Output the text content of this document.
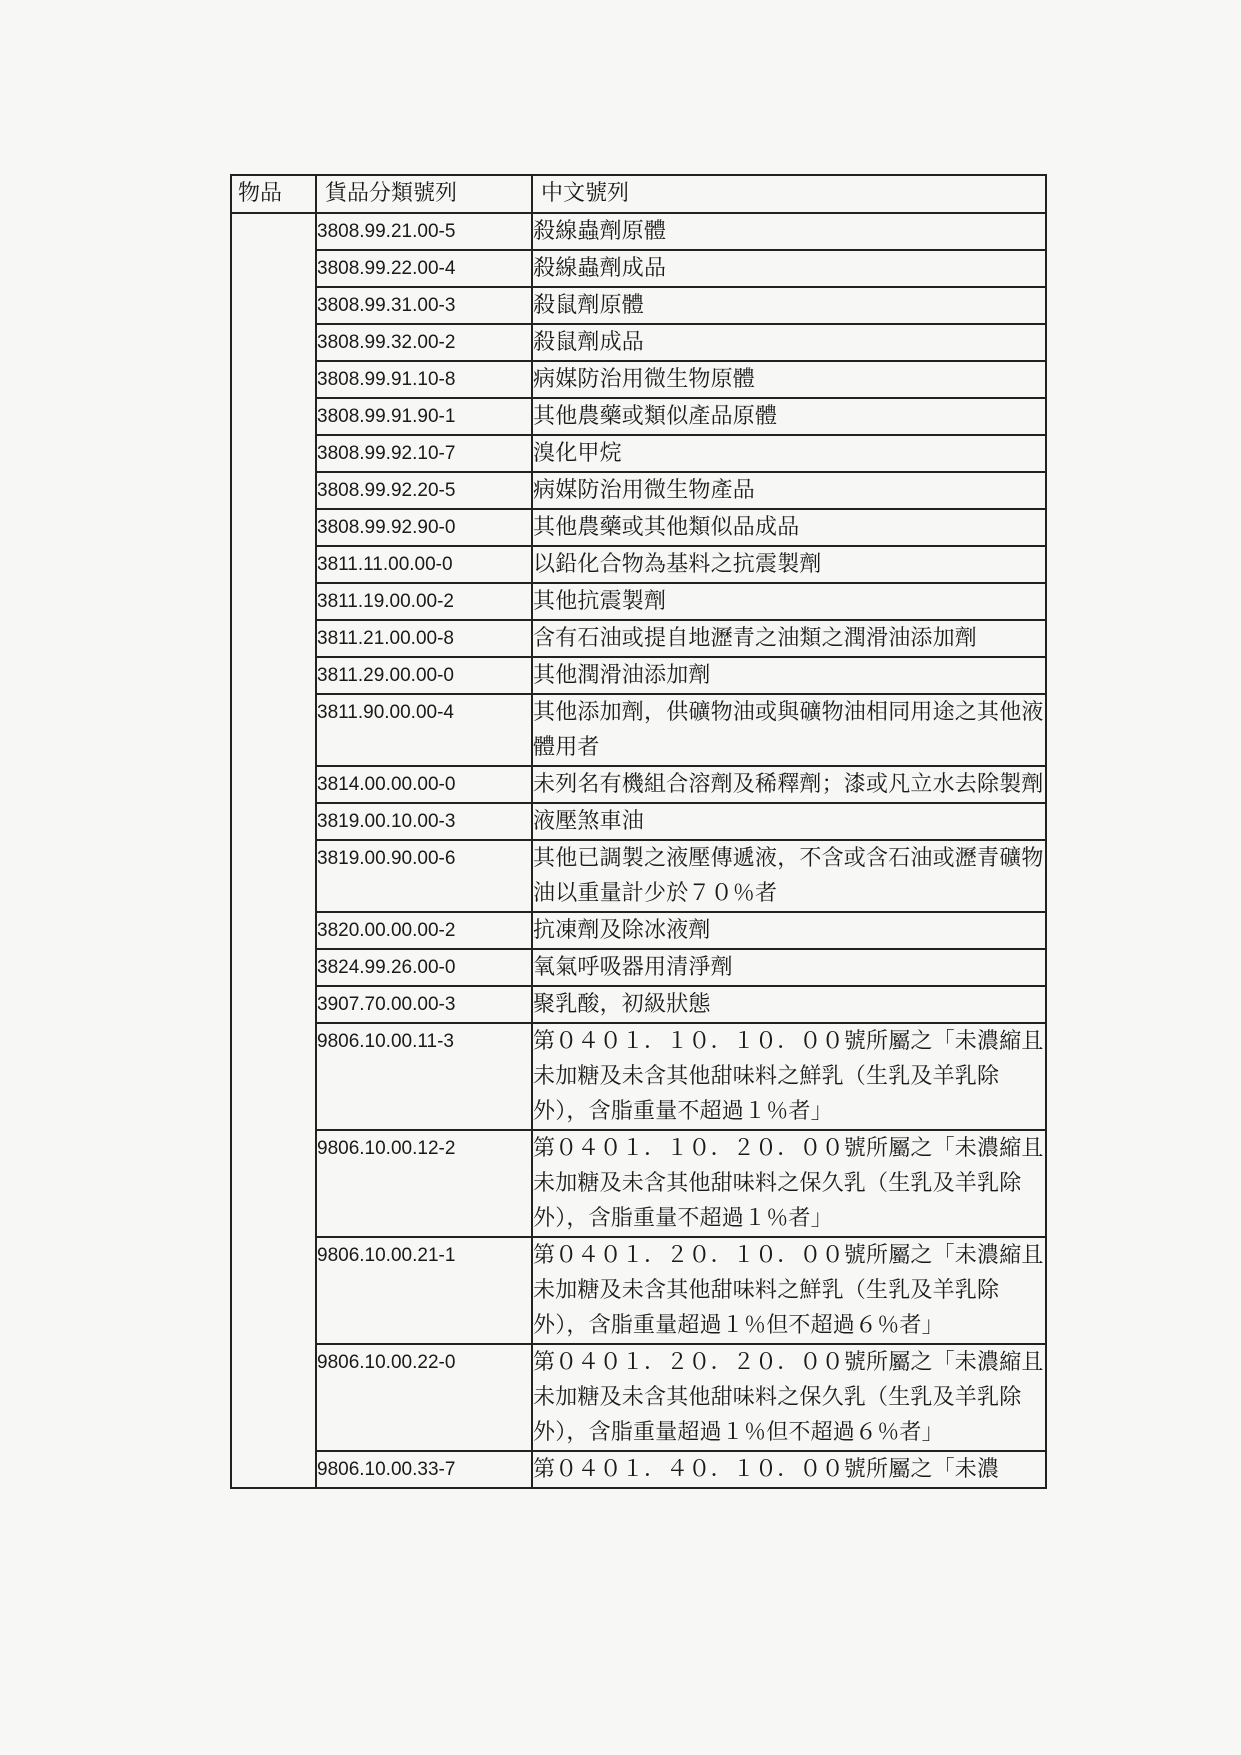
物品	貨品分類號列	中文號列
	3808.99.21.00-5	殺線蟲劑原體
	3808.99.22.00-4	殺線蟲劑成品
	3808.99.31.00-3	殺鼠劑原體
	3808.99.32.00-2	殺鼠劑成品
	3808.99.91.10-8	病媒防治用微生物原體
	3808.99.91.90-1	其他農藥或類似產品原體
	3808.99.92.10-7	溴化甲烷
	3808.99.92.20-5	病媒防治用微生物產品
	3808.99.92.90-0	其他農藥或其他類似品成品
	3811.11.00.00-0	以鉛化合物為基料之抗震製劑
	3811.19.00.00-2	其他抗震製劑
	3811.21.00.00-8	含有石油或提自地瀝青之油類之潤滑油添加劑
	3811.29.00.00-0	其他潤滑油添加劑
	3811.90.00.00-4	其他添加劑，供礦物油或與礦物油相同用途之其他液體用者
	3814.00.00.00-0	未列名有機組合溶劑及稀釋劑；漆或凡立水去除製劑
	3819.00.10.00-3	液壓煞車油
	3819.00.90.00-6	其他已調製之液壓傳遞液，不含或含石油或瀝青礦物油以重量計少於７０％者
	3820.00.00.00-2	抗凍劑及除冰液劑
	3824.99.26.00-0	氧氣呼吸器用清淨劑
	3907.70.00.00-3	聚乳酸，初級狀態
	9806.10.00.11-3	第０４０１．１０．１０．００號所屬之「未濃縮且未加糖及未含其他甜味料之鮮乳（生乳及羊乳除外），含脂重量不超過１％者」
	9806.10.00.12-2	第０４０１．１０．２０．００號所屬之「未濃縮且未加糖及未含其他甜味料之保久乳（生乳及羊乳除外），含脂重量不超過１％者」
	9806.10.00.21-1	第０４０１．２０．１０．００號所屬之「未濃縮且未加糖及未含其他甜味料之鮮乳（生乳及羊乳除外），含脂重量超過１％但不超過６％者」
	9806.10.00.22-0	第０４０１．２０．２０．００號所屬之「未濃縮且未加糖及未含其他甜味料之保久乳（生乳及羊乳除外），含脂重量超過１％但不超過６％者」
	9806.10.00.33-7	第０４０１．４０．１０．００號所屬之「未濃
